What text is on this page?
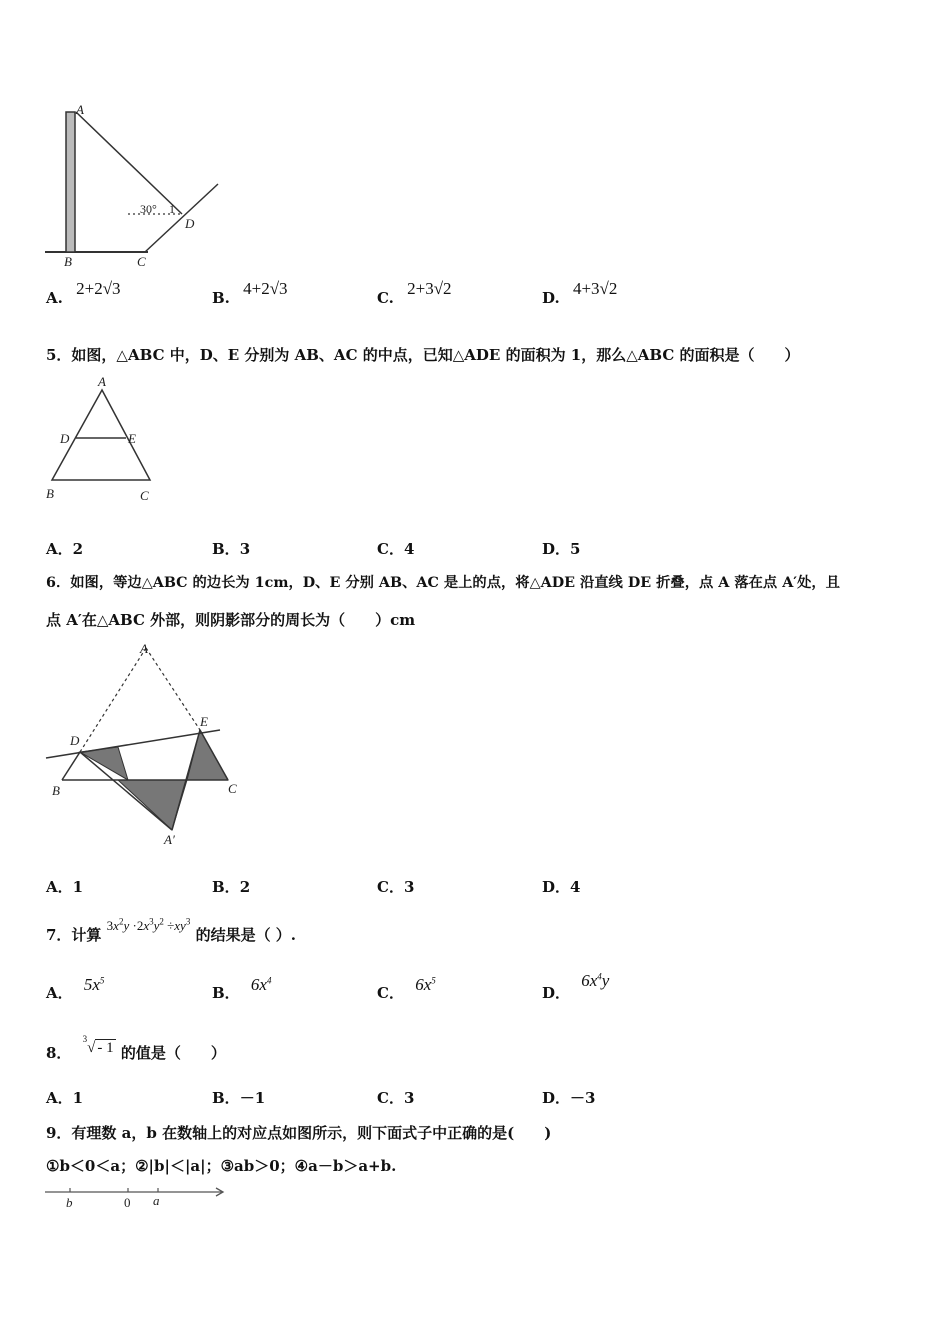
A
B	C
D
30° 1
A. 2+2√3	B. 4+2√3	C. 2+3√2	D. 4+3√2
5．如图，△ABC 中，D、E 分别为 AB、AC 的中点，已知△ADE 的面积为 1，那么△ABC 的面积是（　　）
A
B	C
D	E
A．2	B．3	C．4	D．5
6．如图，等边△ABC 的边长为 1cm，D、E 分别 AB、AC 是上的点，将△ADE 沿直线 DE 折叠，点 A 落在点 A′处，且
点 A′在△ABC 外部，则阴影部分的周长为（　　）cm
A
B	C
D
E
A′
A．1	B．2	C．3	D．4
7．计算 $3x^2y \cdot 2x^3y^2 \div xy^3$ 的结果是（ ）.
A． $5x^5$
B． $6x^4$
C． $6x^5$
D． $6x^4y$
8． $^3$√ - 1 的值是（　　）
A．1	B．－1	C．3	D．－3
9．有理数 a，b 在数轴上的对应点如图所示，则下面式子中正确的是(　　)
①b＜0＜a；②|b|＜|a|；③ab＞0；④a－b＞a+b.
b	0 a
